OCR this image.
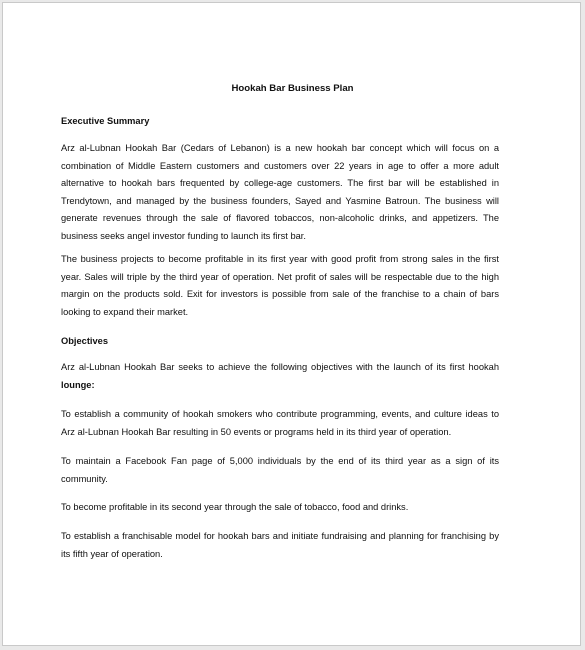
Hookah Bar Business Plan
Executive Summary

Arz al-Lubnan Hookah Bar (Cedars of Lebanon) is a new hookah bar concept which will focus on a combination of Middle Eastern customers and customers over 22 years in age to offer a more adult alternative to hookah bars frequented by college-age customers. The first bar will be established in Trendytown, and managed by the business founders, Sayed and Yasmine Batroun. The business will generate revenues through the sale of flavored tobaccos, non-alcoholic drinks, and appetizers. The business seeks angel investor funding to launch its first bar.

The business projects to become profitable in its first year with good profit from strong sales in the first year. Sales will triple by the third year of operation. Net profit of sales will be respectable due to the high margin on the products sold. Exit for investors is possible from sale of the franchise to a chain of bars looking to expand their market.

Objectives

Arz al-Lubnan Hookah Bar seeks to achieve the following objectives with the launch of its first hookah lounge:

To establish a community of hookah smokers who contribute programming, events, and culture ideas to Arz al-Lubnan Hookah Bar resulting in 50 events or programs held in its third year of operation.

To maintain a Facebook Fan page of 5,000 individuals by the end of its third year as a sign of its community.

To become profitable in its second year through the sale of tobacco, food and drinks.

To establish a franchisable model for hookah bars and initiate fundraising and planning for franchising by its fifth year of operation.
